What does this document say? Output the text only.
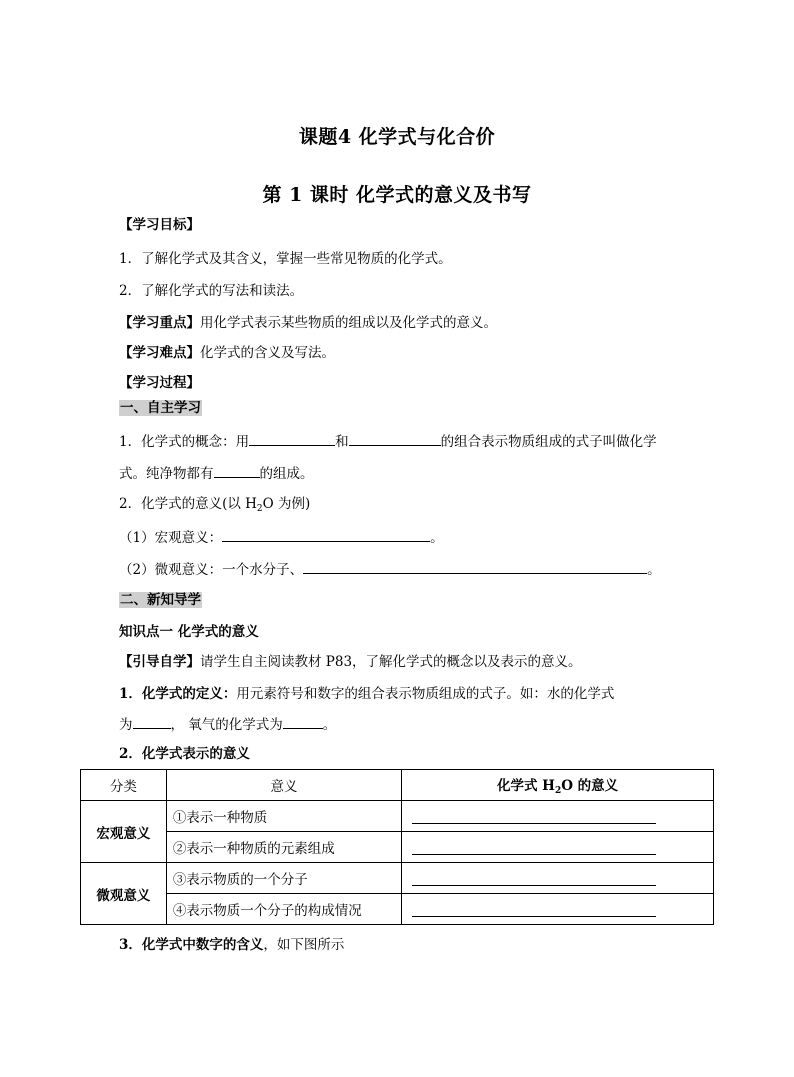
课题4 化学式与化合价
第 1 课时 化学式的意义及书写
【学习目标】
1．了解化学式及其含义，掌握一些常见物质的化学式。
2．了解化学式的写法和读法。
【学习重点】用化学式表示某些物质的组成以及化学式的意义。
【学习难点】化学式的含义及写法。
【学习过程】
一、自主学习
1．化学式的概念：用	和	的组合表示物质组成的式子叫做化学
式。纯净物都有	的组成。
2．化学式的意义(以 $H_2O$ 为例)
（1）宏观意义：	。
（2）微观意义：一个水分子、	。
二、新知导学
知识点一 化学式的意义
【引导自学】请学生自主阅读教材 P83，了解化学式的概念以及表示的意义。
1．化学式的定义：用元素符号和数字的组合表示物质组成的式子。如：水的化学式
为	， 氧气的化学式为	。
2．化学式表示的意义
分类	意义	化学式 $H_2O$ 的意义
宏观意义	①表示一种物质	

	②表示一种物质的元素组成	

微观意义	③表示物质的一个分子	

	④表示物质一个分子的构成情况	
3．化学式中数字的含义，如下图所示
